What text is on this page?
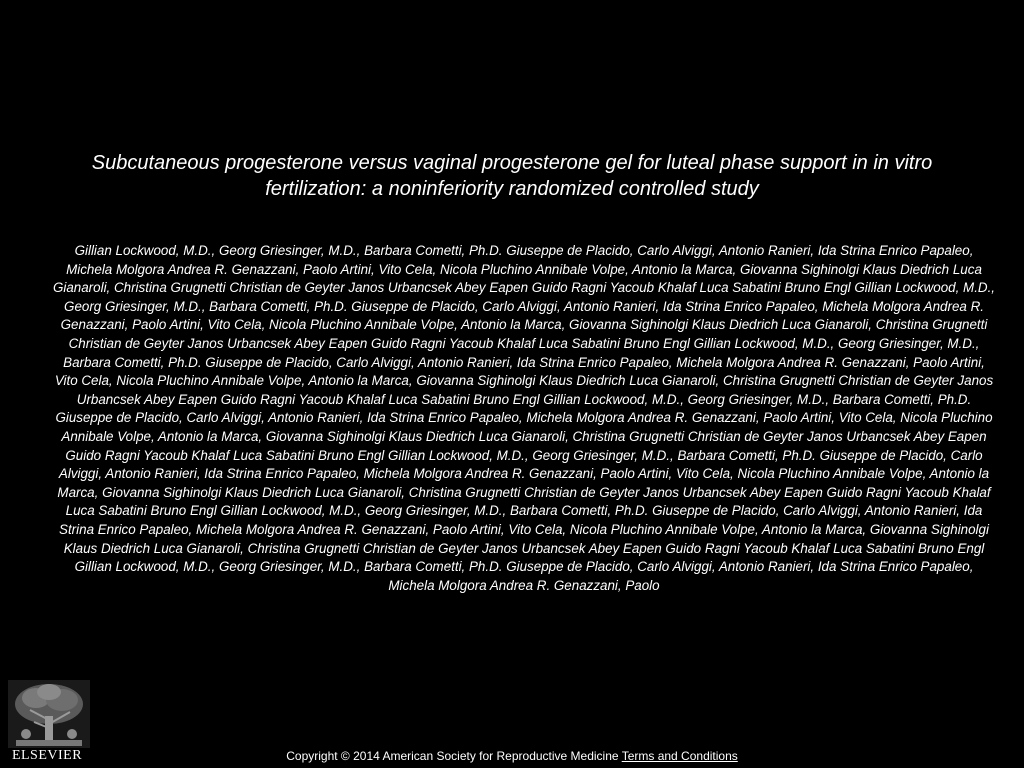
Subcutaneous progesterone versus vaginal progesterone gel for luteal phase support in in vitro fertilization: a noninferiority randomized controlled study
Gillian Lockwood, M.D., Georg Griesinger, M.D., Barbara Cometti, Ph.D. Giuseppe de Placido, Carlo Alviggi, Antonio Ranieri, Ida Strina Enrico Papaleo, Michela Molgora Andrea R. Genazzani, Paolo Artini, Vito Cela, Nicola Pluchino Annibale Volpe, Antonio la Marca, Giovanna Sighinolgi Klaus Diedrich Luca Gianaroli, Christina Grugnetti Christian de Geyter Janos Urbancsek Abey Eapen Guido Ragni Yacoub Khalaf Luca Sabatini Bruno Engl Gillian Lockwood, M.D., Georg Griesinger, M.D., Barbara Cometti, Ph.D. Giuseppe de Placido, Carlo Alviggi, Antonio Ranieri, Ida Strina Enrico Papaleo, Michela Molgora Andrea R. Genazzani, Paolo Artini, Vito Cela, Nicola Pluchino Annibale Volpe, Antonio la Marca, Giovanna Sighinolgi Klaus Diedrich Luca Gianaroli, Christina Grugnetti Christian de Geyter Janos Urbancsek Abey Eapen Guido Ragni Yacoub Khalaf Luca Sabatini Bruno Engl Gillian Lockwood, M.D., Georg Griesinger, M.D., Barbara Cometti, Ph.D. Giuseppe de Placido, Carlo Alviggi, Antonio Ranieri, Ida Strina Enrico Papaleo, Michela Molgora Andrea R. Genazzani, Paolo Artini, Vito Cela, Nicola Pluchino Annibale Volpe, Antonio la Marca, Giovanna Sighinolgi Klaus Diedrich Luca Gianaroli, Christina Grugnetti Christian de Geyter Janos Urbancsek Abey Eapen Guido Ragni Yacoub Khalaf Luca Sabatini Bruno Engl Gillian Lockwood, M.D., Georg Griesinger, M.D., Barbara Cometti, Ph.D. Giuseppe de Placido, Carlo Alviggi, Antonio Ranieri, Ida Strina Enrico Papaleo, Michela Molgora Andrea R. Genazzani, Paolo Artini, Vito Cela, Nicola Pluchino Annibale Volpe, Antonio la Marca, Giovanna Sighinolgi Klaus Diedrich Luca Gianaroli, Christina Grugnetti Christian de Geyter Janos Urbancsek Abey Eapen Guido Ragni Yacoub Khalaf Luca Sabatini Bruno Engl Gillian Lockwood, M.D., Georg Griesinger, M.D., Barbara Cometti, Ph.D. Giuseppe de Placido, Carlo Alviggi, Antonio Ranieri, Ida Strina Enrico Papaleo, Michela Molgora Andrea R. Genazzani, Paolo Artini, Vito Cela, Nicola Pluchino Annibale Volpe, Antonio la Marca, Giovanna Sighinolgi Klaus Diedrich Luca Gianaroli, Christina Grugnetti Christian de Geyter Janos Urbancsek Abey Eapen Guido Ragni Yacoub Khalaf Luca Sabatini Bruno Engl Gillian Lockwood, M.D., Georg Griesinger, M.D., Barbara Cometti, Ph.D. Giuseppe de Placido, Carlo Alviggi, Antonio Ranieri, Ida Strina Enrico Papaleo, Michela Molgora Andrea R. Genazzani, Paolo Artini, Vito Cela, Nicola Pluchino Annibale Volpe, Antonio la Marca, Giovanna Sighinolgi Klaus Diedrich Luca Gianaroli, Christina Grugnetti Christian de Geyter Janos Urbancsek Abey Eapen Guido Ragni Yacoub Khalaf Luca Sabatini Bruno Engl Gillian Lockwood, M.D., Georg Griesinger, M.D., Barbara Cometti, Ph.D. Giuseppe de Placido, Carlo Alviggi, Antonio Ranieri, Ida Strina Enrico Papaleo, Michela Molgora Andrea R. Genazzani, Paolo
ELSEVIER	Copyright © 2014 American Society for Reproductive Medicine Terms and Conditions
